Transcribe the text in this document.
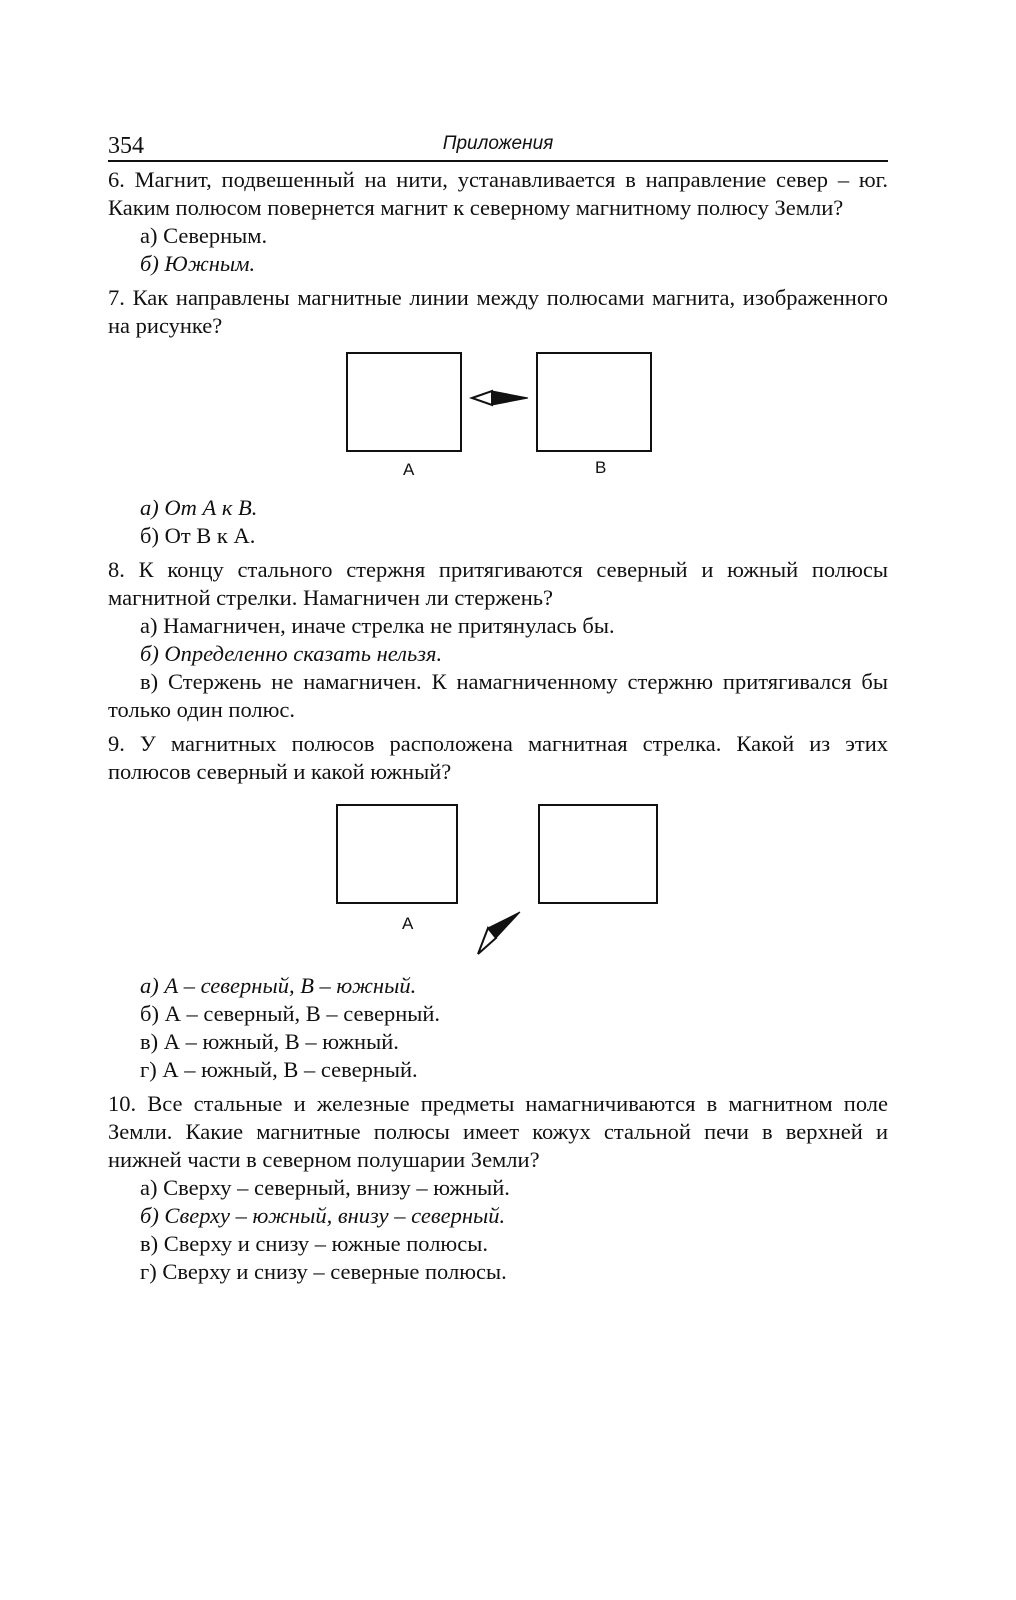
354	Приложения

6. Магнит, подвешенный на нити, устанавливается в направление север – юг. Каким полюсом повернется магнит к северному магнитному полюсу Земли?

а) Северным.

б) Южным.

7. Как направлены магнитные линии между полюсами магнита, изображенного на рисунке?

А	В

а) От А к В.

б) От В к А.

8. К концу стального стержня притягиваются северный и южный полюсы магнитной стрелки. Намагничен ли стержень?

а) Намагничен, иначе стрелка не притянулась бы.

б) Определенно сказать нельзя.

в) Стержень не намагничен. К намагниченному стержню притягивался бы только один полюс.

9. У магнитных полюсов расположена магнитная стрелка. Какой из этих полюсов северный и какой южный?

А

а) А – северный, В – южный.

б) А – северный, В – северный.

в) А – южный, В – южный.

г) А – южный, В – северный.

10. Все стальные и железные предметы намагничиваются в магнитном поле Земли. Какие магнитные полюсы имеет кожух стальной печи в верхней и нижней части в северном полушарии Земли?

а) Сверху – северный, внизу – южный.

б) Сверху – южный, внизу – северный.

в) Сверху и снизу – южные полюсы.

г) Сверху и снизу – северные полюсы.
